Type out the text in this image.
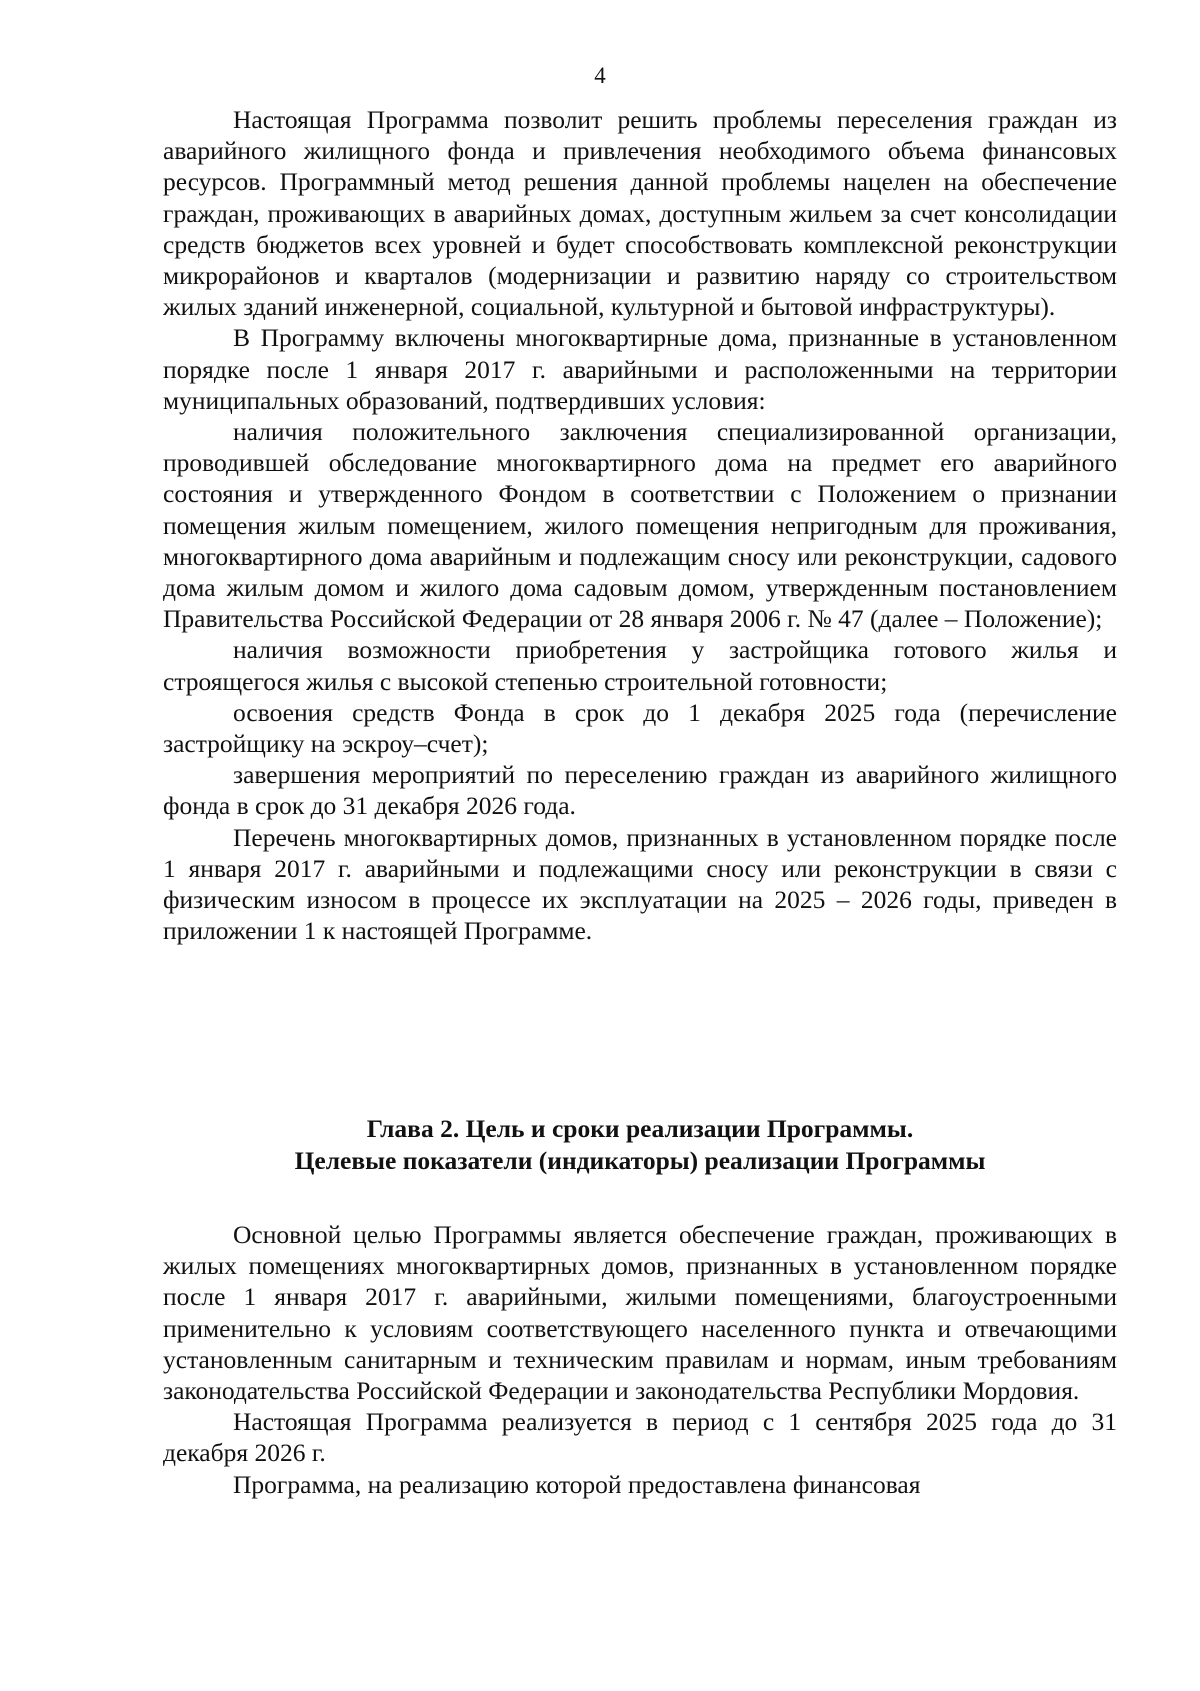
4

Настоящая Программа позволит решить проблемы переселения граждан из аварийного жилищного фонда и привлечения необходимого объема финансовых ресурсов. Программный метод решения данной проблемы нацелен на обеспечение граждан, проживающих в аварийных домах, доступным жильем за счет консолидации средств бюджетов всех уровней и будет способствовать комплексной реконструкции микрорайонов и кварталов (модернизации и развитию наряду со строительством жилых зданий инженерной, социальной, культурной и бытовой инфраструктуры).

В Программу включены многоквартирные дома, признанные в установленном порядке после 1 января 2017 г. аварийными и расположенными на территории муниципальных образований, подтвердивших условия:

наличия положительного заключения специализированной организации, проводившей обследование многоквартирного дома на предмет его аварийного состояния и утвержденного Фондом в соответствии с Положением о признании помещения жилым помещением, жилого помещения непригодным для проживания, многоквартирного дома аварийным и подлежащим сносу или реконструкции, садового дома жилым домом и жилого дома садовым домом, утвержденным постановлением Правительства Российской Федерации от 28 января 2006 г. № 47 (далее – Положение);

наличия возможности приобретения у застройщика готового жилья и строящегося жилья с высокой степенью строительной готовности;

освоения средств Фонда в срок до 1 декабря 2025 года (перечисление застройщику на эскроу–счет);

завершения мероприятий по переселению граждан из аварийного жилищного фонда в срок до 31 декабря 2026 года.

Перечень многоквартирных домов, признанных в установленном порядке после 1 января 2017 г. аварийными и подлежащими сносу или реконструкции в связи с физическим износом в процессе их эксплуатации на 2025 – 2026 годы, приведен в приложении 1 к настоящей Программе.

Глава 2. Цель и сроки реализации Программы.
Целевые показатели (индикаторы) реализации Программы

Основной целью Программы является обеспечение граждан, проживающих в жилых помещениях многоквартирных домов, признанных в установленном порядке после 1 января 2017 г. аварийными, жилыми помещениями, благоустроенными применительно к условиям соответствующего населенного пункта и отвечающими установленным санитарным и техническим правилам и нормам, иным требованиям законодательства Российской Федерации и законодательства Республики Мордовия.

Настоящая Программа реализуется в период с 1 сентября 2025 года до 31 декабря 2026 г.

Программа, на реализацию которой предоставлена финансовая
